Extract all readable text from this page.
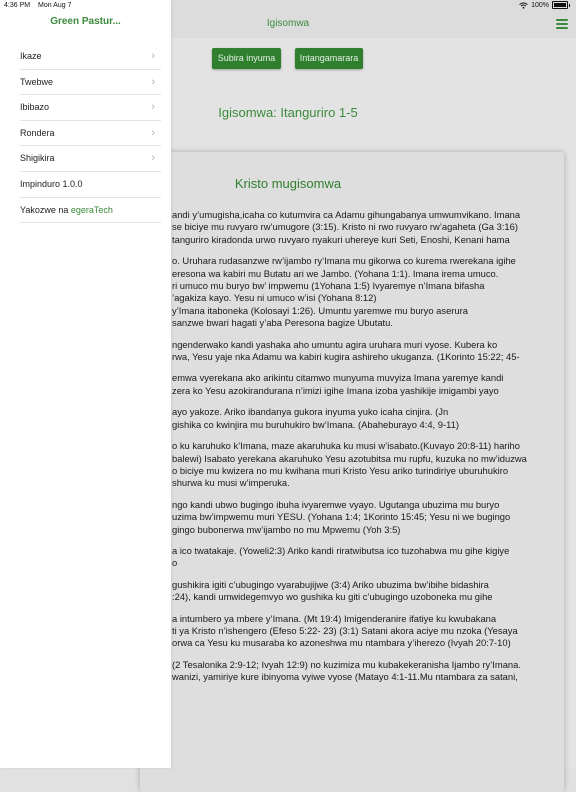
Igisomwa
Subira inyuma	Intangamarara
Igisomwa: Itanguriro 1-5
Kristo mugisomwa
andi y’umugisha,icaha co kutumvira ca Adamu gihungabanya umwumvikano. Imana
se biciye mu ruvyaro rw’umugore (3:15). Kristo ni rwo ruvyaro rw’agaheta (Ga 3:16)
tanguriro kiradonda urwo ruvyaro nyakuri uhereye kuri Seti, Enoshi, Kenani hama
o. Uruhara rudasanzwe rw’ijambo ry’Imana mu gikorwa co kurema rwerekana igihe
eresona wa kabiri mu Butatu ari we Jambo. (Yohana 1:1). Imana irema umuco.
ri umuco mu buryo bw’ impwemu (1Yohana 1:5) Ivyaremye n’Imana bifasha
’agakiza kayo. Yesu ni umuco w’isi (Yohana 8:12)
y’Imana itaboneka (Kolosayi 1:26). Umuntu yaremwe mu buryo aserura
sanzwe bwari hagati y’aba Peresona bagize Ubutatu.
ngenderwako kandi yashaka aho umuntu agira uruhara muri vyose. Kubera ko
rwa, Yesu yaje nka Adamu wa kabiri kugira ashireho ukuganza. (1Korinto 15:22; 45-
emwa vyerekana ako arikintu citamwo munyuma muvyiza Imana yaremye kandi
zera ko Yesu azokirandurana n’imizi igihe Imana izoba yashikije imigambi yayo
ayo yakoze. Ariko ibandanya gukora inyuma yuko icaha cinjira. (Jn
gishika co kwinjira mu buruhukiro bw’Imana. (Abaheburayo 4:4, 9-11)
o ku karuhuko k’Imana, maze akaruhuka ku musi w’isabato.(Kuvayo 20:8-11) hariho
balewi) Isabato yerekana akaruhuko Yesu azotubitsa mu rupfu, kuzuka no mw’iduzwa
o biciye mu kwizera no mu kwihana muri Kristo Yesu ariko turindiriye uburuhukiro
shurwa ku musi w’imperuka.
ngo kandi ubwo bugingo ibuha ivyaremwe vyayo. Ugutanga ubuzima mu buryo
uzima bw’impwemu muri YESU. (Yohana 1:4; 1Korinto 15:45; Yesu ni we bugingo
gingo bubonerwa mw’ijambo no mu Mpwemu (Yoh 3:5)
a ico twatakaje. (Yoweli2:3) Ariko kandi riratwibutsa ico tuzohabwa mu gihe kigiye
o
gushikira igiti c’ubugingo vyarabujijwe (3:4) Ariko ubuzima bw’ibihe bidashira
:24), kandi umwidegemvyo wo gushika ku giti c’ubugingo uzoboneka mu gihe
a intumbero ya mbere y’Imana. (Mt 19:4) Imigenderanire ifatiye ku kwubakana
ti ya Kristo n’ishengero (Efeso 5:22- 23) (3:1) Satani akora aciye mu nzoka (Yesaya
orwa ca Yesu ku musaraba ko azoneshwa mu ntambara y’iherezo (Ivyah 20:7-10)
(2 Tesalonika 2:9-12; Ivyah 12:9) no kuzimiza mu kubakekeranisha Ijambo ry’Imana.
wanizi, yamiriye kure ibinyoma vyiwe vyose (Matayo 4:1-11.Mu ntambara za satani,
4:36 PM Mon Aug 7	100%
Green Pastur...
Ikaze	›
Twebwe	›
Ibibazo	›
Rondera	›
Shigikira	›
Impinduro 1.0.0
Yakozwe na egeraTech
